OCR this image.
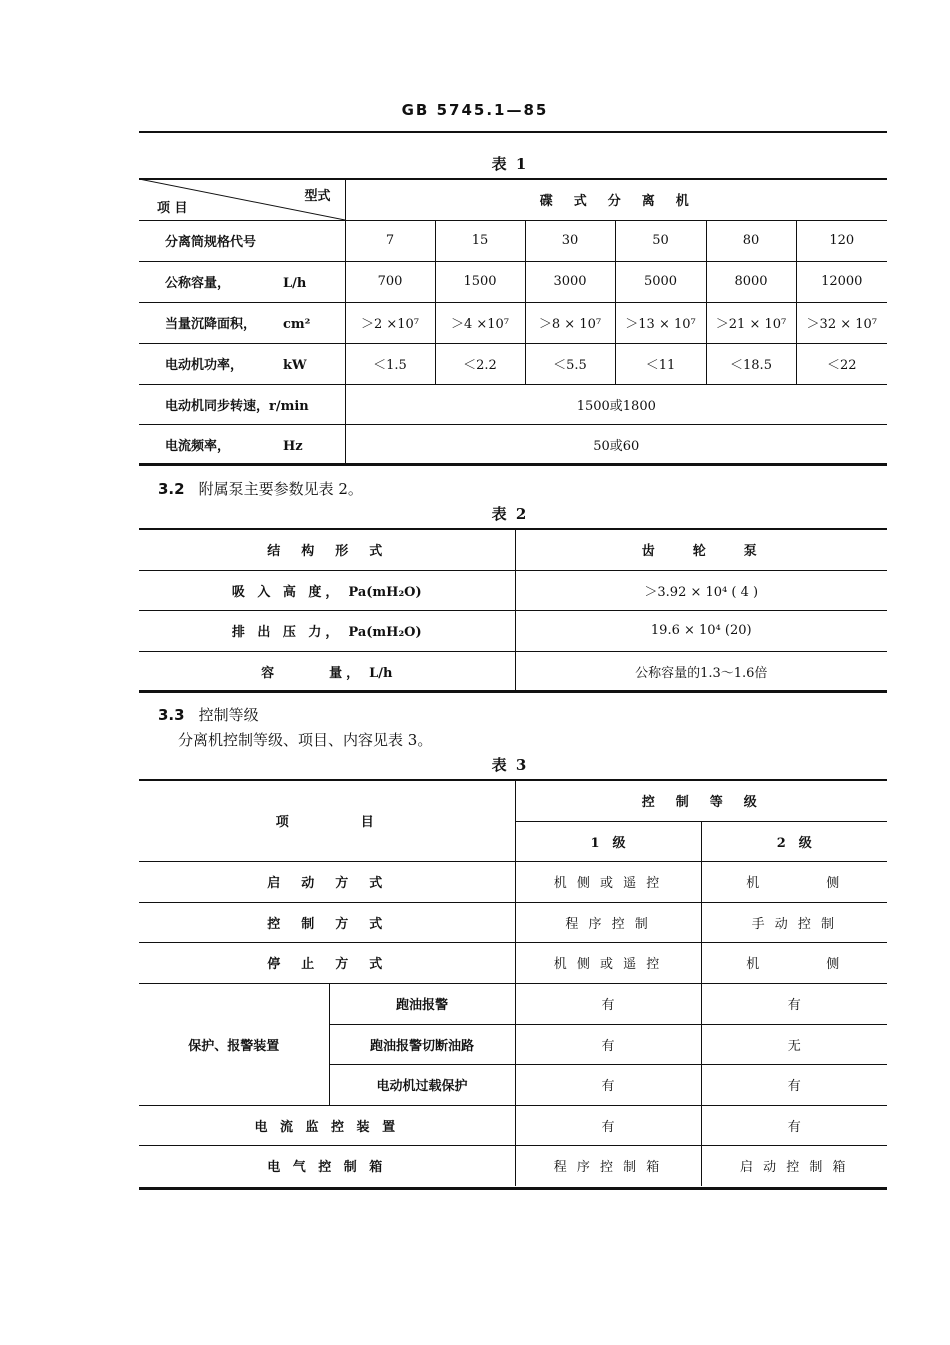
GB 5745.1—85
表 1
型式
项 目	碟　式　分　离　机					
分离筒规格代号	7	15	30	50	80	120
公称容量， L/h	700	1500	3000	5000	8000	12000
当量沉降面积， cm²	＞2 ×10⁷	＞4 ×10⁷	＞8 × 10⁷	＞13 × 10⁷	＞21 × 10⁷	＞32 × 10⁷
电动机功率， kW	＜1.5	＜2.2	＜5.5	＜11	＜18.5	＜22
电动机同步转速，r/min	1500或1800					
电流频率， Hz	50或60					
3.2 附属泵主要参数见表 2。
表 2
结　构　形　式	齿　　轮　　泵
吸 入 高 度， Pa(mH₂O)	＞3.92 × 10⁴ ( 4 )
排 出 压 力， Pa(mH₂O)	19.6 × 10⁴ (20)
容　　　量， L/h	公称容量的1.3～1.6倍
3.3 控制等级
分离机控制等级、项目、内容见表 3。
表 3
项　　　　目		控　制　等　级	
		1　级	2　级
启　动　方　式		机 侧 或 遥 控	机　　　　侧
控　制　方　式		程 序 控 制	手 动 控 制
停　止　方　式		机 侧 或 遥 控	机　　　　侧
保护、报警装置	跑油报警	有	有
	跑油报警切断油路	有	无
	电动机过载保护	有	有
电 流 监 控 装 置		有	有
电 气 控 制 箱		程 序 控 制 箱	启 动 控 制 箱
